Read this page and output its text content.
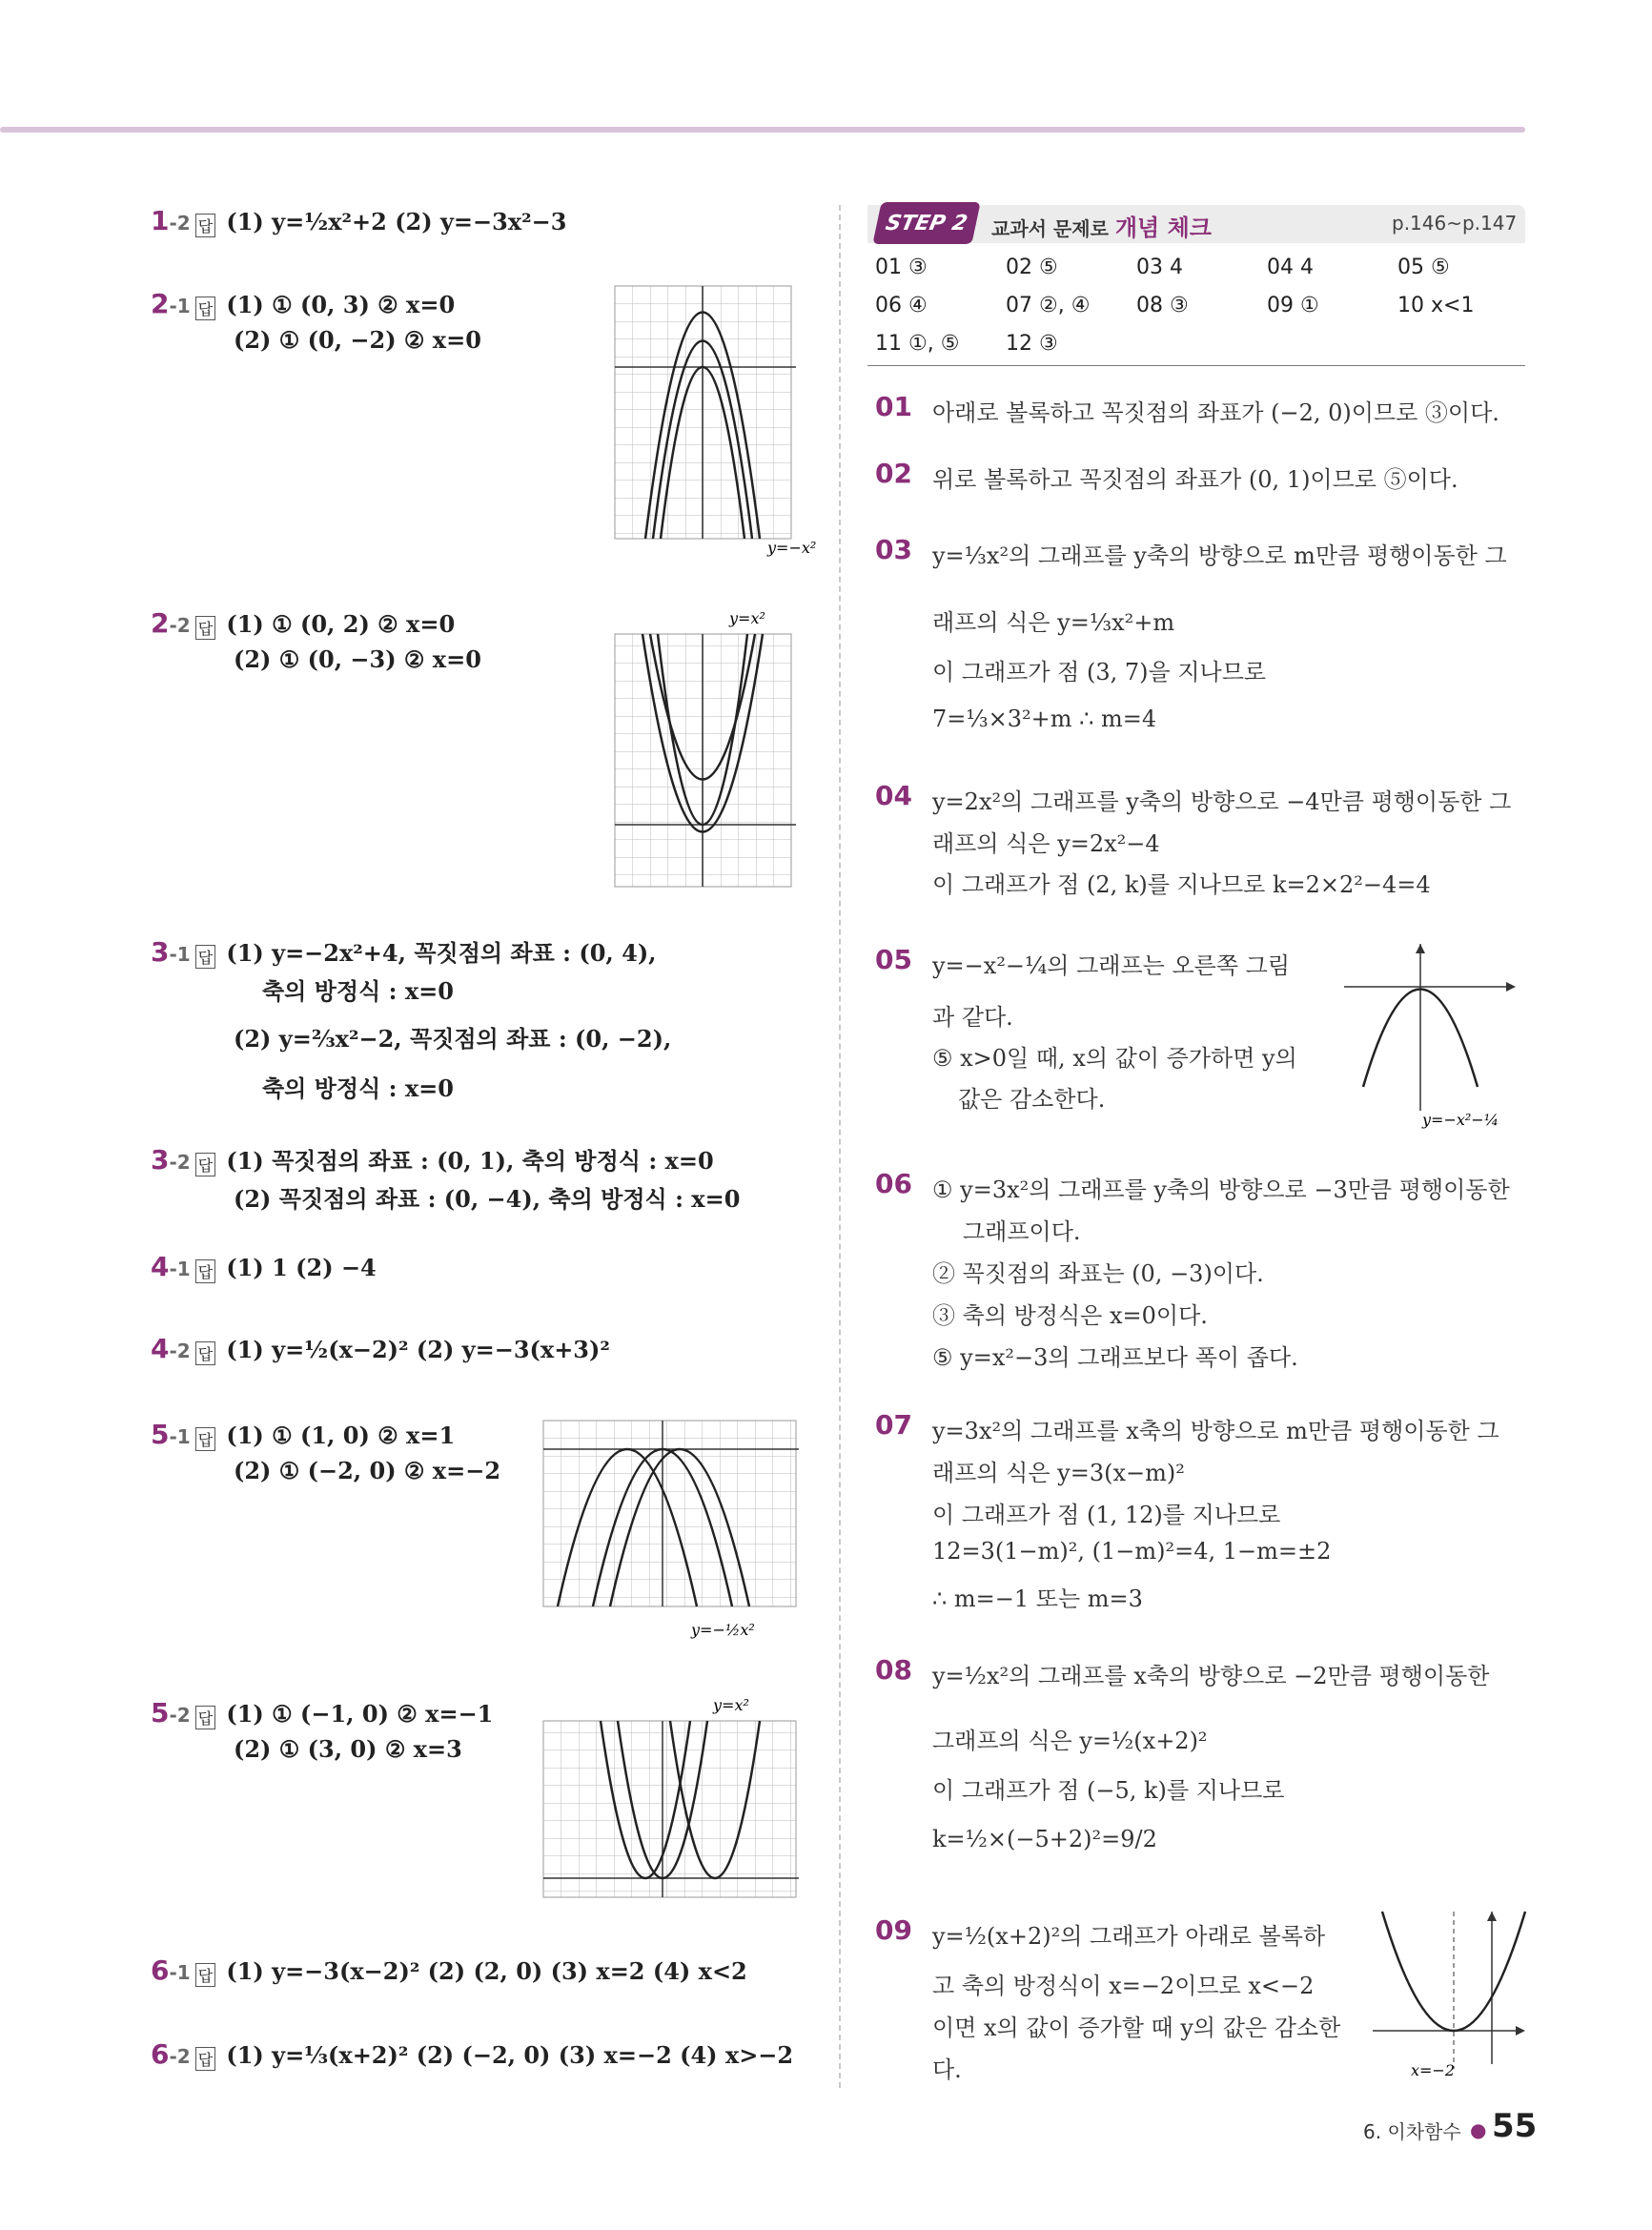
1-2 답 (1) y=½x²+2 (2) y=−3x²−3
2-1 답 (1) ① (0, 3) ② x=0
(2) ① (0, −2) ② x=0
y=−x²
2-2 답 (1) ① (0, 2) ② x=0
(2) ① (0, −3) ② x=0
y=x²
3-1 답 (1) y=−2x²+4, 꼭짓점의 좌표 : (0, 4),
축의 방정식 : x=0
(2) y=⅔x²−2, 꼭짓점의 좌표 : (0, −2),
축의 방정식 : x=0
3-2 답 (1) 꼭짓점의 좌표 : (0, 1), 축의 방정식 : x=0
(2) 꼭짓점의 좌표 : (0, −4), 축의 방정식 : x=0
4-1 답 (1) 1 (2) −4
4-2 답 (1) y=½(x−2)² (2) y=−3(x+3)²
5-1 답 (1) ① (1, 0) ② x=1
(2) ① (−2, 0) ② x=−2
y=−½x²
5-2 답 (1) ① (−1, 0) ② x=−1
(2) ① (3, 0) ② x=3
y=x²
6-1 답 (1) y=−3(x−2)² (2) (2, 0) (3) x=2 (4) x<2
6-2 답 (1) y=⅓(x+2)² (2) (−2, 0) (3) x=−2 (4) x>−2
STEP 2	교과서 문제로 개념 체크	p.146~p.147
01 ③	02 ⑤	03 4	04 4	05 ⑤
06 ④	07 ②, ④ 08 ③	09 ①	10 x<1
11 ①, ⑤ 12 ③
01 아래로 볼록하고 꼭짓점의 좌표가 (−2, 0)이므로 ③이다.
02 위로 볼록하고 꼭짓점의 좌표가 (0, 1)이므로 ⑤이다.
03 y=⅓x²의 그래프를 y축의 방향으로 m만큼 평행이동한 그
래프의 식은 y=⅓x²+m
이 그래프가 점 (3, 7)을 지나므로
7=⅓×3²+m ∴ m=4
04 y=2x²의 그래프를 y축의 방향으로 −4만큼 평행이동한 그
래프의 식은 y=2x²−4
이 그래프가 점 (2, k)를 지나므로 k=2×2²−4=4
05 y=−x²−¼의 그래프는 오른쪽 그림
과 같다.
⑤ x>0일 때, x의 값이 증가하면 y의
값은 감소한다.
y=−x²−¼
06 ① y=3x²의 그래프를 y축의 방향으로 −3만큼 평행이동한
그래프이다.
② 꼭짓점의 좌표는 (0, −3)이다.
③ 축의 방정식은 x=0이다.
⑤ y=x²−3의 그래프보다 폭이 좁다.
07 y=3x²의 그래프를 x축의 방향으로 m만큼 평행이동한 그
래프의 식은 y=3(x−m)²
이 그래프가 점 (1, 12)를 지나므로
12=3(1−m)², (1−m)²=4, 1−m=±2
∴ m=−1 또는 m=3
08 y=½x²의 그래프를 x축의 방향으로 −2만큼 평행이동한
그래프의 식은 y=½(x+2)²
이 그래프가 점 (−5, k)를 지나므로
k=½×(−5+2)²=9/2
09 y=½(x+2)²의 그래프가 아래로 볼록하
고 축의 방정식이 x=−2이므로 x<−2
이면 x의 값이 증가할 때 y의 값은 감소한
다.	x=−2
6. 이차함수 ● 55
